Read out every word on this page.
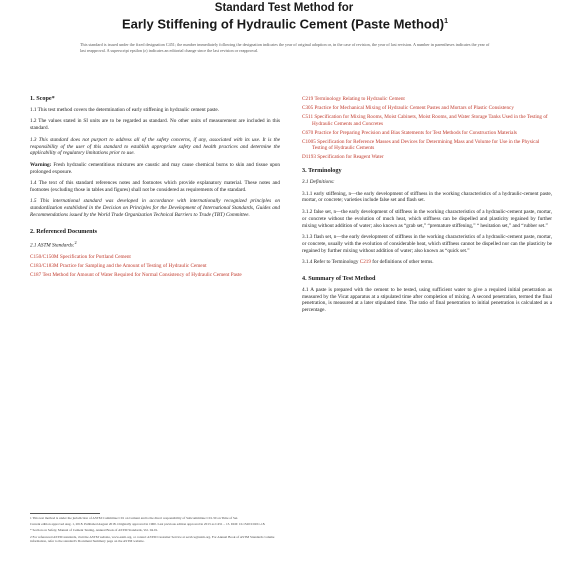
Standard Test Method for
Early Stiffening of Hydraulic Cement (Paste Method)$^1$
This standard is issued under the fixed designation C451; the number immediately following the designation indicates the year of original adoption or, in the case of revision, the year of last revision. A number in parentheses indicates the year of last reapproval. A superscript epsilon (ε) indicates an editorial change since the last revision or reapproval.
1. Scope*
1.1 This test method covers the determination of early stiffening in hydraulic cement paste.
1.2 The values stated in SI units are to be regarded as standard. No other units of measurement are included in this standard.
1.3 This standard does not purport to address all of the safety concerns, if any, associated with its use. It is the responsibility of the user of this standard to establish appropriate safety and health practices and determine the applicability of regulatory limitations prior to use.
Warning: Fresh hydraulic cementitious mixtures are caustic and may cause chemical burns to skin and tissue upon prolonged exposure.
1.4 The text of this standard references notes and footnotes which provide explanatory material. These notes and footnotes (excluding those in tables and figures) shall not be considered as requirements of the standard.
1.5 This international standard was developed in accordance with internationally recognized principles on standardization established in the Decision on Principles for the Development of International Standards, Guides and Recommendations issued by the World Trade Organization Technical Barriers to Trade (TBT) Committee.
2. Referenced Documents
2.1 ASTM Standards:$^2$
C150/C150M Specification for Portland Cement
C183/C183M Practice for Sampling and the Amount of Testing of Hydraulic Cement
C187 Test Method for Amount of Water Required for Normal Consistency of Hydraulic Cement Paste
C219 Terminology Relating to Hydraulic Cement
C305 Practice for Mechanical Mixing of Hydraulic Cement Pastes and Mortars of Plastic Consistency
C511 Specification for Mixing Rooms, Moist Cabinets, Moist Rooms, and Water Storage Tanks Used in the Testing of Hydraulic Cements and Concretes
C670 Practice for Preparing Precision and Bias Statements for Test Methods for Construction Materials
C1005 Specification for Reference Masses and Devices for Determining Mass and Volume for Use in the Physical Testing of Hydraulic Cements
D1193 Specification for Reagent Water
3. Terminology
3.1 Definitions:
3.1.1 early stiffening, n—the early development of stiffness in the working characteristics of a hydraulic-cement paste, mortar, or concrete; varieties include false set and flash set.
3.1.2 false set, n—the early development of stiffness in the working characteristics of a hydraulic-cement paste, mortar, or concrete without the evolution of much heat, which stiffness can be dispelled and plasticity regained by further mixing without addition of water; also known as “grab set,” “premature stiffening,” “ hesitation set,” and “rubber set.”
3.1.3 flash set, n—the early development of stiffness in the working characteristics of a hydraulic-cement paste, mortar, or concrete, usually with the evolution of considerable heat, which stiffness cannot be dispelled nor can the plasticity be regained by further mixing without addition of water; also known as “quick set.”
3.1.4 Refer to Terminology C219 for definitions of other terms.
4. Summary of Test Method
4.1 A paste is prepared with the cement to be tested, using sufficient water to give a required initial penetration as measured by the Vicat apparatus at a stipulated time after completion of mixing. A second penetration, termed the final penetration, is measured at a later stipulated time. The ratio of final penetration to initial penetration is calculated as a percentage.
1 This test method is under the jurisdiction of ASTM Committee C01 on Cement and is the direct responsibility of Subcommittee C01.30 on Time of Set.
Current edition approved Aug. 1, 2018. Published August 2018. Originally approved in 1960. Last previous edition approved in 2013 as C451 – 13. DOI: 10.1520/C0451-18.
* Section on Safety, Manual of Cement Testing, Annual Book of ASTM Standards, Vol. 04.01.
2 For referenced ASTM standards, visit the ASTM website, www.astm.org, or contact ASTM Customer Service at service@astm.org. For Annual Book of ASTM Standards volume information, refer to the standard's Document Summary page on the ASTM website.
